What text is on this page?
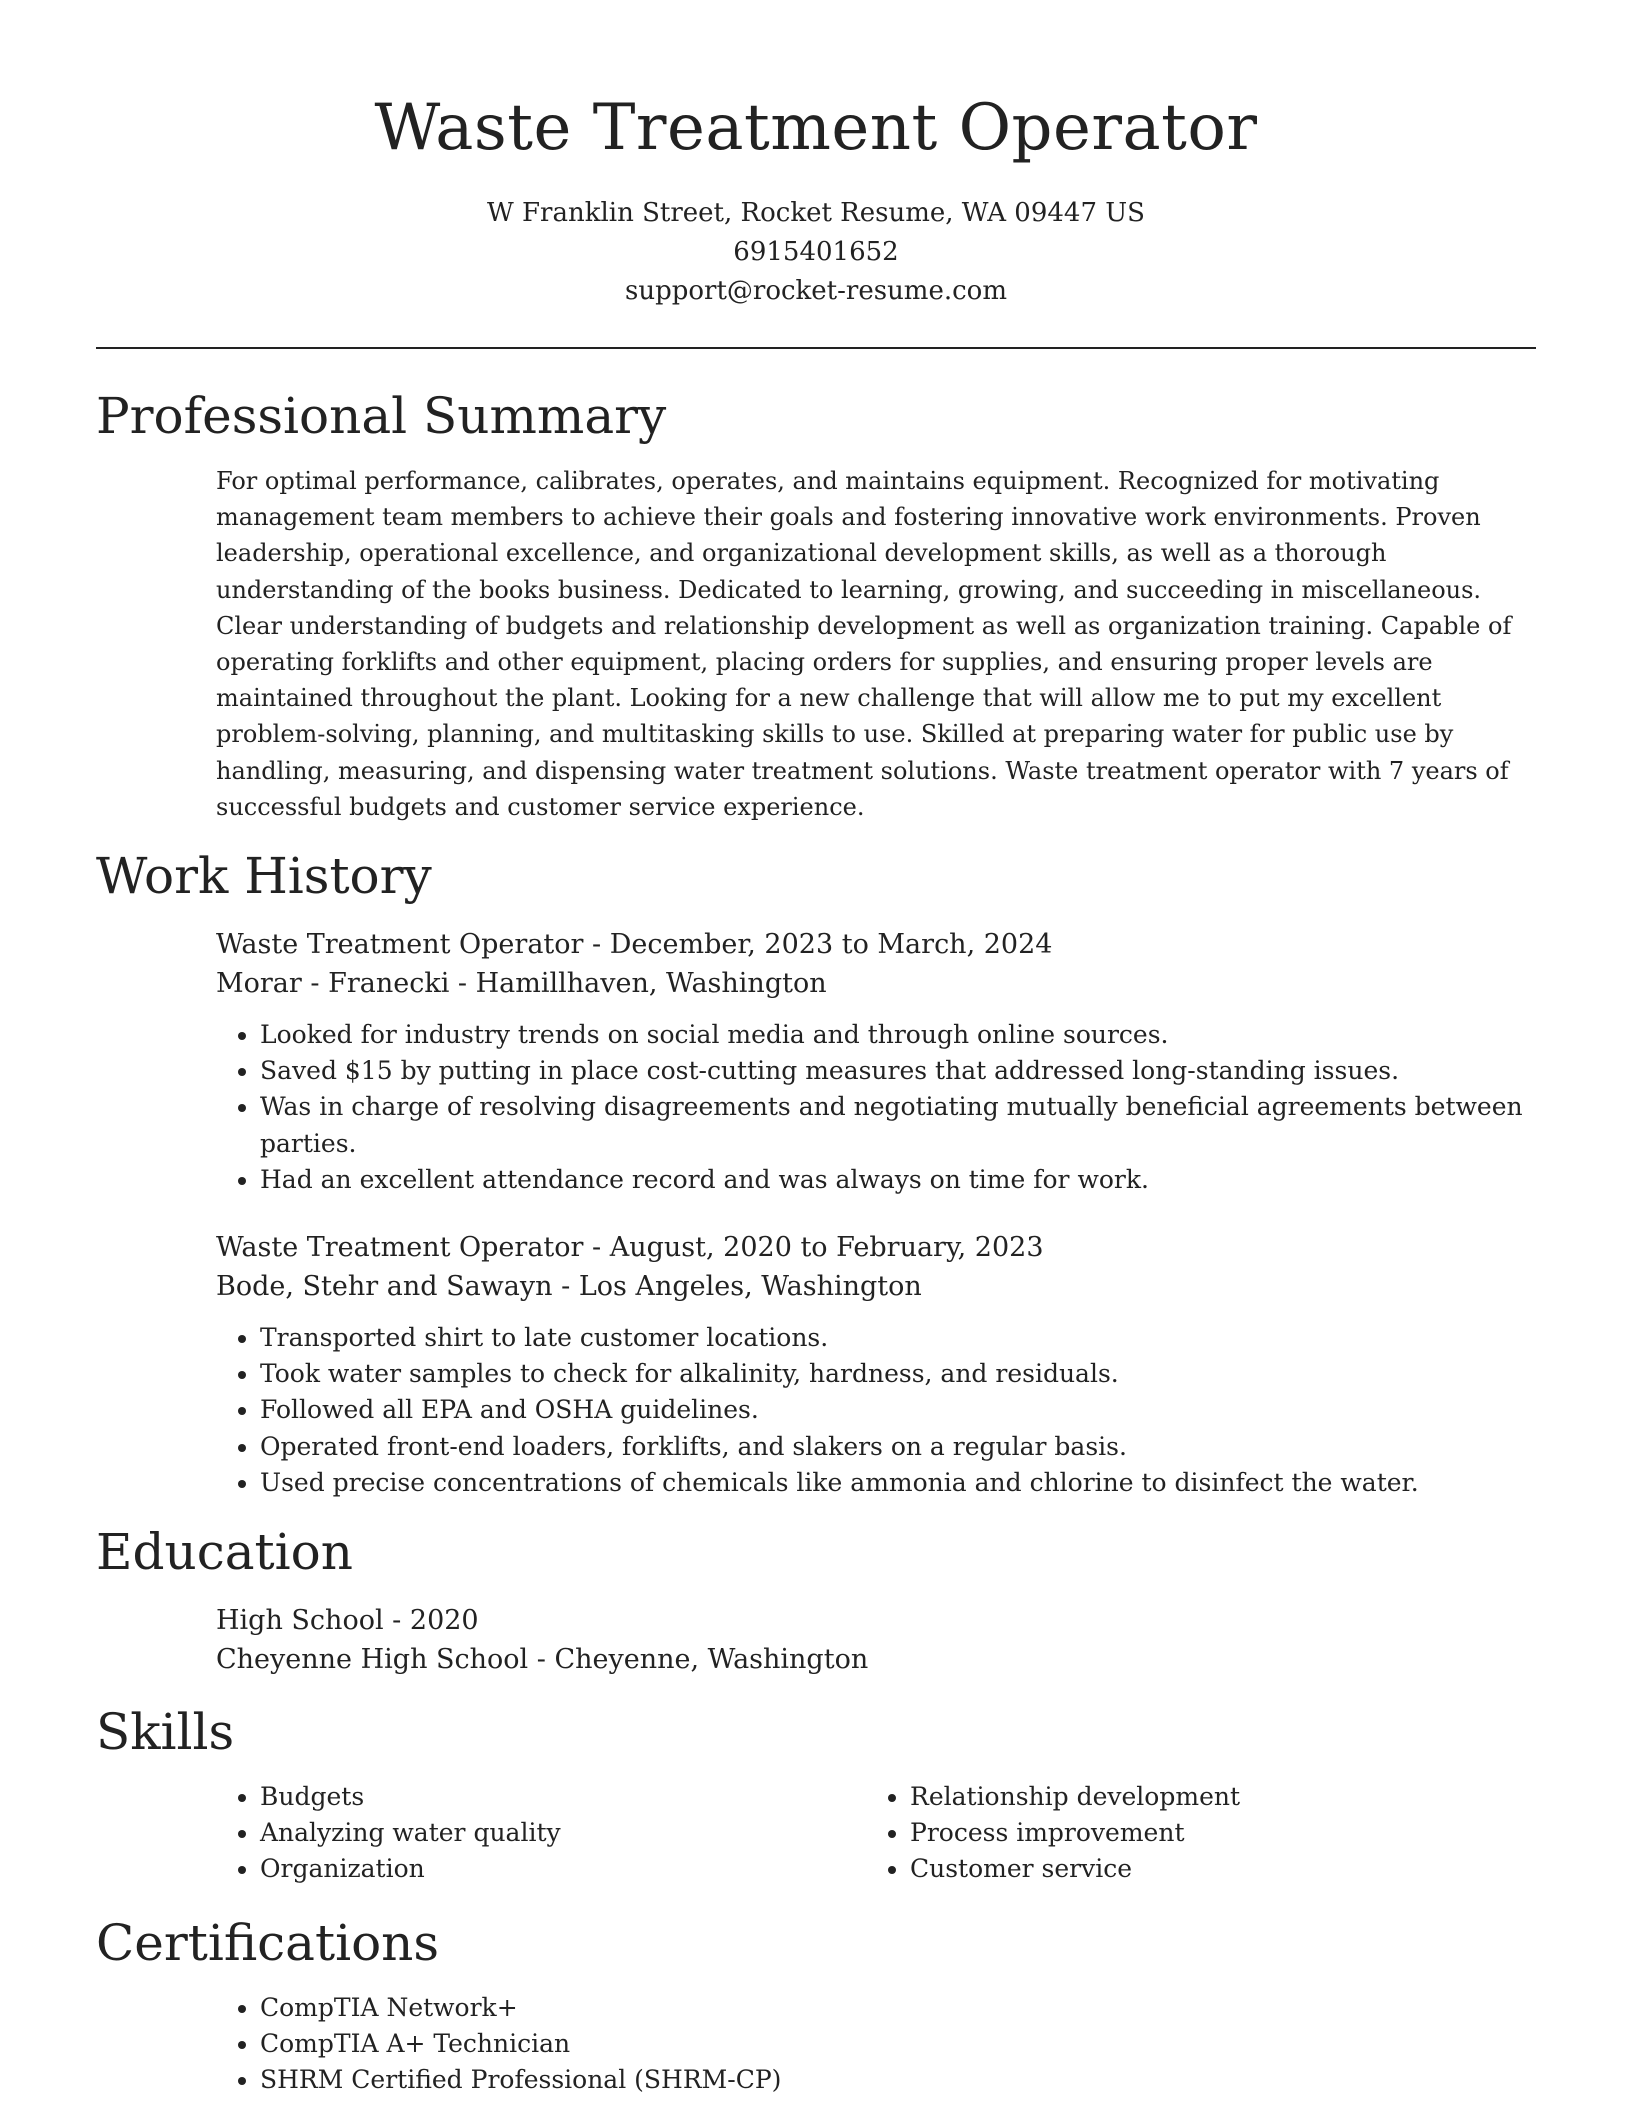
Waste Treatment Operator
W Franklin Street, Rocket Resume, WA 09447 US
6915401652
support@rocket-resume.com
Professional Summary

For optimal performance, calibrates, operates, and maintains equipment. Recognized for motivating management team members to achieve their goals and fostering innovative work environments. Proven leadership, operational excellence, and organizational development skills, as well as a thorough understanding of the books business. Dedicated to learning, growing, and succeeding in miscellaneous. Clear understanding of budgets and relationship development as well as organization training. Capable of operating forklifts and other equipment, placing orders for supplies, and ensuring proper levels are maintained throughout the plant. Looking for a new challenge that will allow me to put my excellent problem-solving, planning, and multitasking skills to use. Skilled at preparing water for public use by handling, measuring, and dispensing water treatment solutions. Waste treatment operator with 7 years of successful budgets and customer service experience.

Work History
Waste Treatment Operator - December, 2023 to March, 2024
Morar - Franecki - Hamillhaven, Washington
• Looked for industry trends on social media and through online sources.
• Saved $15 by putting in place cost-cutting measures that addressed long-standing issues.
• Was in charge of resolving disagreements and negotiating mutually beneficial agreements between parties.
• Had an excellent attendance record and was always on time for work.
Waste Treatment Operator - August, 2020 to February, 2023
Bode, Stehr and Sawayn - Los Angeles, Washington
• Transported shirt to late customer locations.
• Took water samples to check for alkalinity, hardness, and residuals.
• Followed all EPA and OSHA guidelines.
• Operated front-end loaders, forklifts, and slakers on a regular basis.
• Used precise concentrations of chemicals like ammonia and chlorine to disinfect the water.
Education
High School - 2020
Cheyenne High School - Cheyenne, Washington
Skills
• Budgets
• Analyzing water quality
• Organization
• Relationship development
• Process improvement
• Customer service
Certifications
• CompTIA Network+
• CompTIA A+ Technician
• SHRM Certified Professional (SHRM-CP)
